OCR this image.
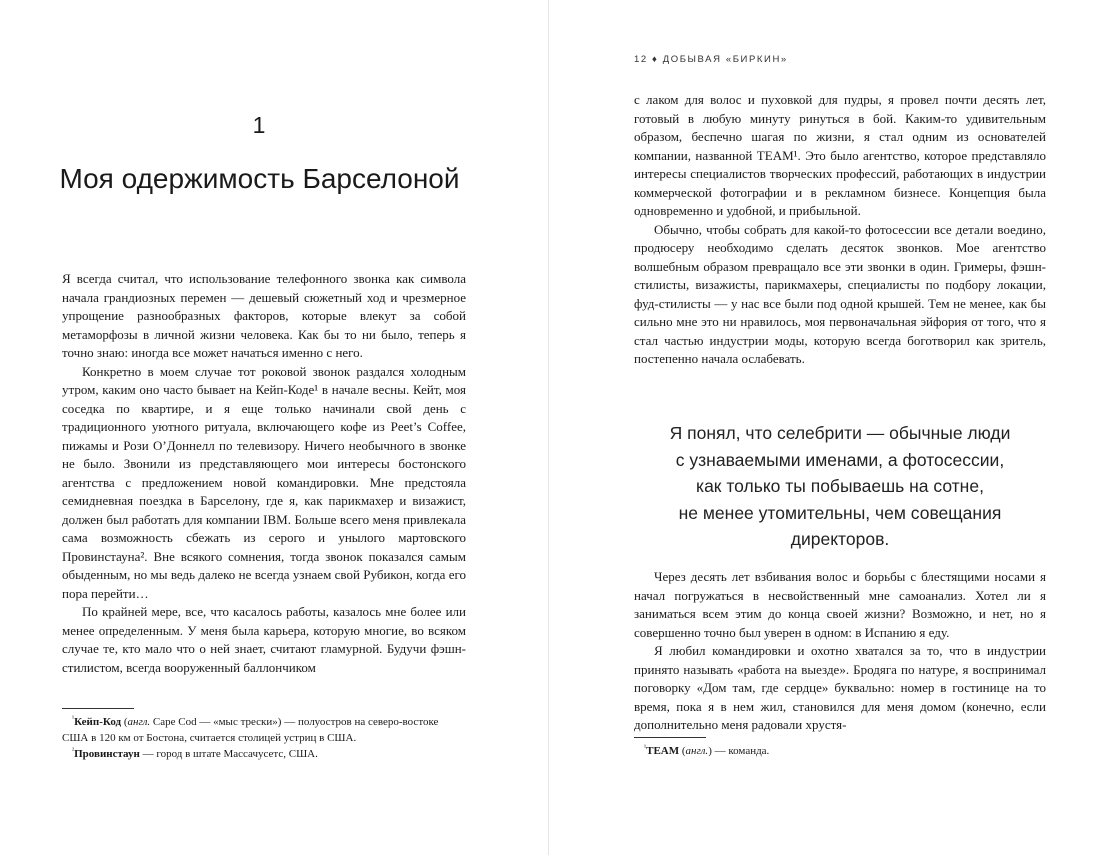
1
Моя одержимость Барселоной

Я всегда считал, что использование телефонного звонка как символа начала грандиозных перемен — дешевый сюжетный ход и чрезмерное упрощение разнообразных факторов, которые влекут за собой метаморфозы в личной жизни человека. Как бы то ни было, теперь я точно знаю: иногда все может начаться именно с него.

Конкретно в моем случае тот роковой звонок раздался холодным утром, каким оно часто бывает на Кейп-Коде¹ в начале весны. Кейт, моя соседка по квартире, и я еще только начинали свой день с традиционного уютного ритуала, включающего кофе из Peet’s Coffee, пижамы и Рози О’Доннелл по телевизору. Ничего необычного в звонке не было. Звонили из представляющего мои интересы бостонского агентства с предложением новой командировки. Мне предстояла семидневная поездка в Барселону, где я, как парикмахер и визажист, должен был работать для компании IBM. Больше всего меня привлекала сама возможность сбежать из серого и унылого мартовского Провинстауна². Вне всякого сомнения, тогда звонок показался самым обыденным, но мы ведь далеко не всегда узнаем свой Рубикон, когда его пора перейти…

По крайней мере, все, что касалось работы, казалось мне более или менее определенным. У меня была карьера, которую многие, во всяком случае те, кто мало что о ней знает, считают гламурной. Будучи фэшн-стилистом, всегда вооруженный баллончиком

$^{^1}$Кейп-Код (англ. Cape Cod — «мыс трески») — полуостров на северо-востоке США в 120 км от Бостона, считается столицей устриц в США.

$^{^2}$Провинстаун — город в штате Массачусетс, США.

12 ♦ ДОБЫВАЯ «БИРКИН»

с лаком для волос и пуховкой для пудры, я провел почти десять лет, готовый в любую минуту ринуться в бой. Каким-то удивительным образом, беспечно шагая по жизни, я стал одним из основателей компании, названной TEAM¹. Это было агентство, которое представляло интересы специалистов творческих профессий, работающих в индустрии коммерческой фотографии и в рекламном бизнесе. Концепция была одновременно и удобной, и прибыльной.

Обычно, чтобы собрать для какой-то фотосессии все детали воедино, продюсеру необходимо сделать десяток звонков. Мое агентство волшебным образом превращало все эти звонки в один. Гримеры, фэшн-стилисты, визажисты, парикмахеры, специалисты по подбору локации, фуд-стилисты — у нас все были под одной крышей. Тем не менее, как бы сильно мне это ни нравилось, моя первоначальная эйфория от того, что я стал частью индустрии моды, которую всегда боготворил как зритель, постепенно начала ослабевать.

Я понял, что селебрити — обычные люди
с узнаваемыми именами, а фотосессии,
как только ты побываешь на сотне,
не менее утомительны, чем совещания
директоров.

Через десять лет взбивания волос и борьбы с блестящими носами я начал погружаться в несвойственный мне самоанализ. Хотел ли я заниматься всем этим до конца своей жизни? Возможно, и нет, но я совершенно точно был уверен в одном: в Испанию я еду.

Я любил командировки и охотно хватался за то, что в индустрии принято называть «работа на выезде». Бродяга по натуре, я воспринимал поговорку «Дом там, где сердце» буквально: номер в гостинице на то время, пока я в нем жил, становился для меня домом (конечно, если дополнительно меня радовали хрустя-

$^{^1}$TEAM (англ.) — команда.
